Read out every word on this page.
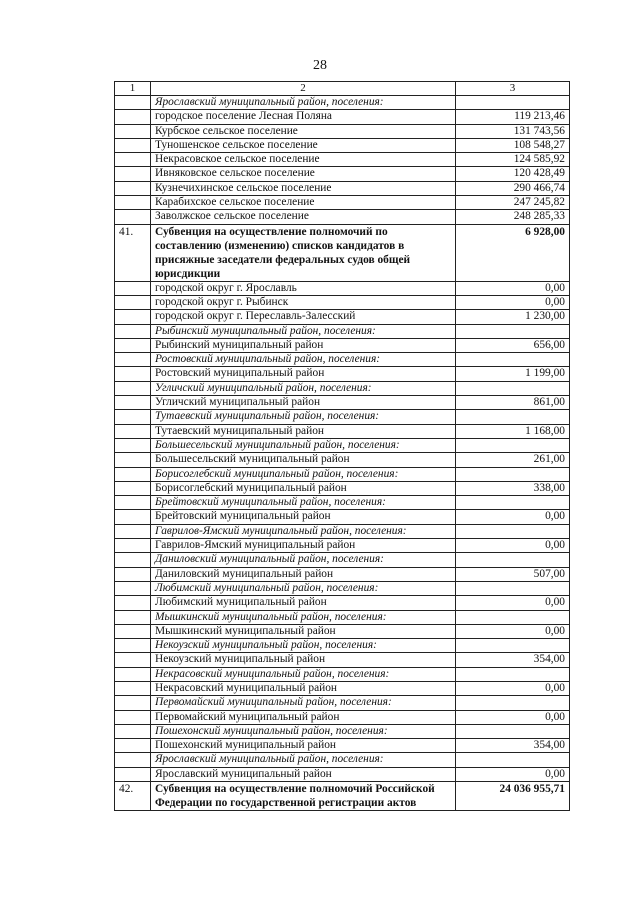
28
1	2	3
	Ярославский муниципальный район, поселения:	
	городское поселение Лесная Поляна	119 213,46
	Курбское сельское поселение	131 743,56
	Туношенское сельское поселение	108 548,27
	Некрасовское сельское поселение	124 585,92
	Ивняковское сельское поселение	120 428,49
	Кузнечихинское сельское поселение	290 466,74
	Карабихское сельское поселение	247 245,82
	Заволжское сельское поселение	248 285,33
41.	Субвенция на осуществление полномочий по составлению (изменению) списков кандидатов в присяжные заседатели федеральных судов общей юрисдикции	6 928,00
	городской округ г. Ярославль	0,00
	городской округ г. Рыбинск	0,00
	городской округ г. Переславль-Залесский	1 230,00
	Рыбинский муниципальный район, поселения:	
	Рыбинский муниципальный район	656,00
	Ростовский муниципальный район, поселения:	
	Ростовский муниципальный район	1 199,00
	Угличский муниципальный район, поселения:	
	Угличский муниципальный район	861,00
	Тутаевский муниципальный район, поселения:	
	Тутаевский муниципальный район	1 168,00
	Большесельский муниципальный район, поселения:	
	Большесельский муниципальный район	261,00
	Борисоглебский муниципальный район, поселения:	
	Борисоглебский муниципальный район	338,00
	Брейтовский муниципальный район, поселения:	
	Брейтовский муниципальный район	0,00
	Гаврилов-Ямский муниципальный район, поселения:	
	Гаврилов-Ямский муниципальный район	0,00
	Даниловский муниципальный район, поселения:	
	Даниловский муниципальный район	507,00
	Любимский муниципальный район, поселения:	
	Любимский муниципальный район	0,00
	Мышкинский муниципальный район, поселения:	
	Мышкинский муниципальный район	0,00
	Некоузский муниципальный район, поселения:	
	Некоузский муниципальный район	354,00
	Некрасовский муниципальный район, поселения:	
	Некрасовский муниципальный район	0,00
	Первомайский муниципальный район, поселения:	
	Первомайский муниципальный район	0,00
	Пошехонский муниципальный район, поселения:	
	Пошехонский муниципальный район	354,00
	Ярославский муниципальный район, поселения:	
	Ярославский муниципальный район	0,00
42.	Субвенция на осуществление полномочий Российской Федерации по государственной регистрации актов	24 036 955,71
